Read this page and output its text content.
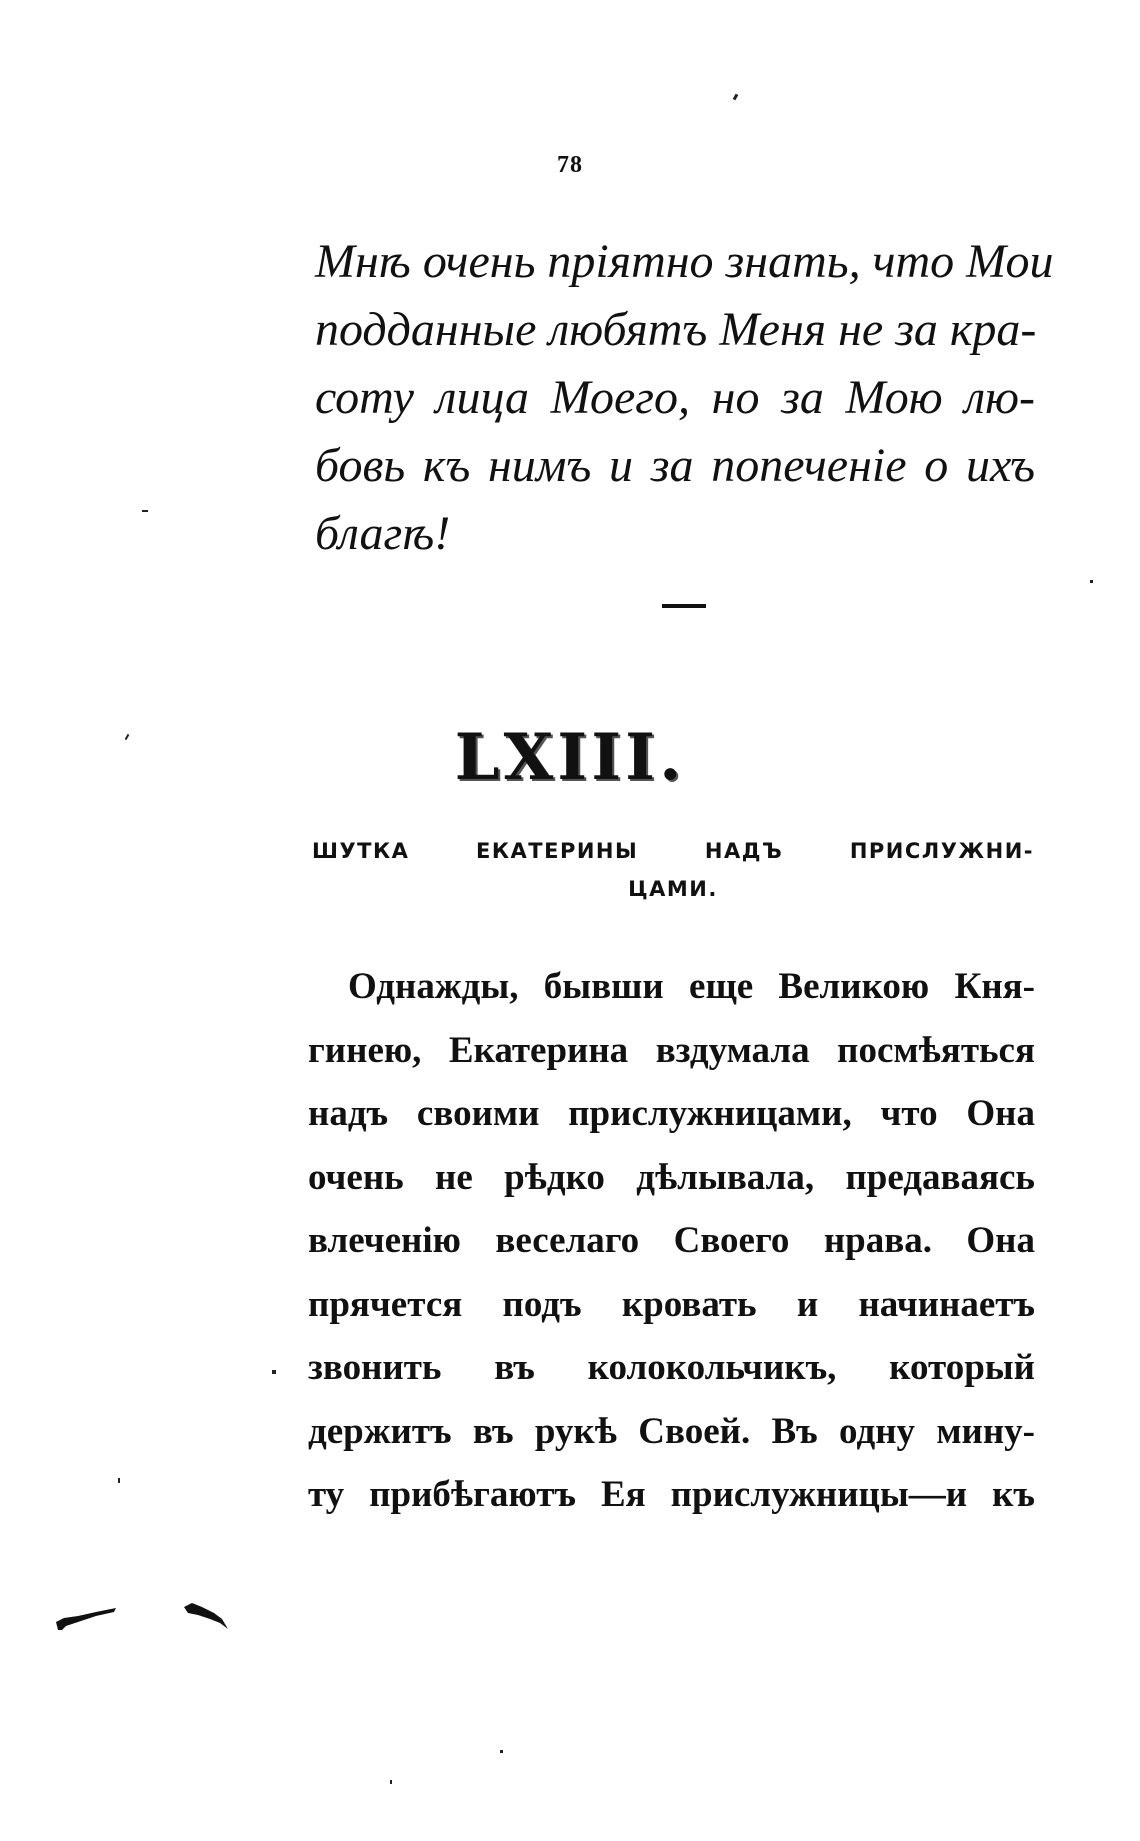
78
Мнѣ очень пріятно знать, что Мои
подданные любятъ Меня не за кра-
соту лица Моего, но за Мою лю-
бовь къ нимъ и за попеченіе о ихъ
благѣ!
LXIII.
ШУТКА ЕКАТЕРИНЫ НАДЪ ПРИСЛУЖНИ-
ЦАМИ.
Однажды, бывши еще Великою Кня-
гинею, Екатерина вздумала посмѣяться
надъ своими прислужницами, что Она
очень не рѣдко дѣлывала, предаваясь
влеченію веселаго Своего нрава. Она
прячется подъ кровать и начинаетъ
звонить въ колокольчикъ, который
держитъ въ рукѣ Своей. Въ одну мину-
ту прибѣгаютъ Ея прислужницы—и къ
